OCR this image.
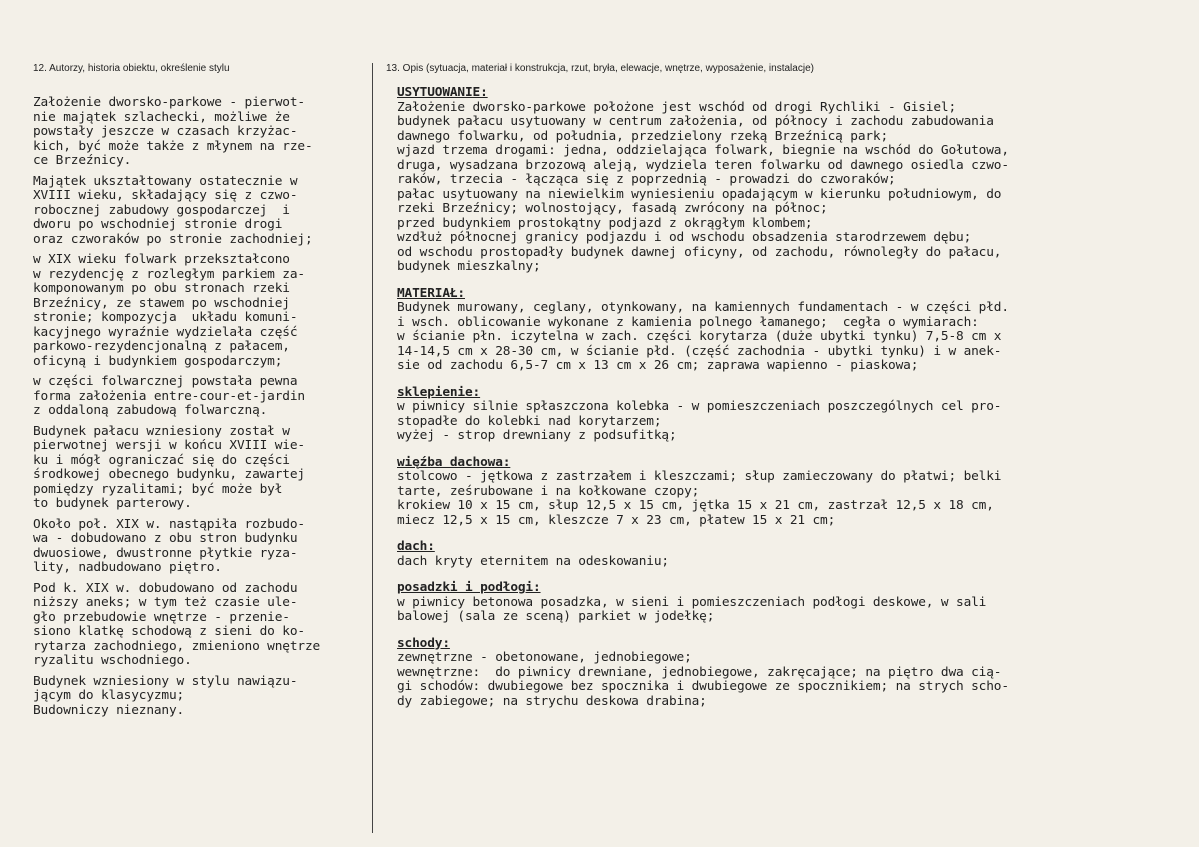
12. Autorzy, historia obiektu, określenie stylu	13. Opis (sytuacja, materiał i konstrukcja, rzut, bryła, elewacje, wnętrze, wyposażenie, instalacje)
Założenie dworsko-parkowe - pierwot-
nie majątek szlachecki, możliwe że
powstały jeszcze w czasach krzyżac-
kich, być może także z młynem na rze-
ce Brzeźnicy.
Majątek ukształtowany ostatecznie w
XVIII wieku, składający się z czwo-
robocznej zabudowy gospodarczej  i
dworu po wschodniej stronie drogi
oraz czworaków po stronie zachodniej;
w XIX wieku folwark przekształcono
w rezydencję z rozległym parkiem za-
komponowanym po obu stronach rzeki
Brzeźnicy, ze stawem po wschodniej
stronie; kompozycja  układu komuni-
kacyjnego wyraźnie wydzielała część
parkowo-rezydencjonalną z pałacem,
oficyną i budynkiem gospodarczym;
w części folwarcznej powstała pewna
forma założenia entre-cour-et-jardin
z oddaloną zabudową folwarczną.
Budynek pałacu wzniesiony został w
pierwotnej wersji w końcu XVIII wie-
ku i mógł ograniczać się do części
środkowej obecnego budynku, zawartej
pomiędzy ryzalitami; być może był
to budynek parterowy.
Około poł. XIX w. nastąpiła rozbudo-
wa - dobudowano z obu stron budynku
dwuosiowe, dwustronne płytkie ryza-
lity, nadbudowano piętro.
Pod k. XIX w. dobudowano od zachodu
niższy aneks; w tym też czasie ule-
gło przebudowie wnętrze - przenie-
siono klatkę schodową z sieni do ko-
rytarza zachodniego, zmieniono wnętrze
ryzalitu wschodniego.
Budynek wzniesiony w stylu nawiązu-
jącym do klasycyzmu;
Budowniczy nieznany.
USYTUOWANIE:
Założenie dworsko-parkowe położone jest wschód od drogi Rychliki - Gisiel;
budynek pałacu usytuowany w centrum założenia, od północy i zachodu zabudowania
dawnego folwarku, od południa, przedzielony rzeką Brzeźnicą park;
wjazd trzema drogami: jedna, oddzielająca folwark, biegnie na wschód do Gołutowa,
druga, wysadzana brzozową aleją, wydziela teren folwarku od dawnego osiedla czwo-
raków, trzecia - łącząca się z poprzednią - prowadzi do czworaków;
pałac usytuowany na niewielkim wyniesieniu opadającym w kierunku południowym, do
rzeki Brzeźnicy; wolnostojący, fasadą zwrócony na północ;
przed budynkiem prostokątny podjazd z okrągłym klombem;
wzdłuż północnej granicy podjazdu i od wschodu obsadzenia starodrzewem dębu;
od wschodu prostopadły budynek dawnej oficyny, od zachodu, równoległy do pałacu,
budynek mieszkalny;
MATERIAŁ:
Budynek murowany, ceglany, otynkowany, na kamiennych fundamentach - w części płd.
i wsch. oblicowanie wykonane z kamienia polnego łamanego;  cegła o wymiarach:
w ścianie płn. iczytelna w zach. części korytarza (duże ubytki tynku) 7,5-8 cm x
14-14,5 cm x 28-30 cm, w ścianie płd. (część zachodnia - ubytki tynku) i w anek-
sie od zachodu 6,5-7 cm x 13 cm x 26 cm; zaprawa wapienno - piaskowa;
sklepienie:
w piwnicy silnie spłaszczona kolebka - w pomieszczeniach poszczególnych cel pro-
stopadłe do kolebki nad korytarzem;
wyżej - strop drewniany z podsufitką;
więźba dachowa:
stolcowo - jętkowa z zastrzałem i kleszczami; słup zamieczowany do płatwi; belki
tarte, ześrubowane i na kołkowane czopy;
krokiew 10 x 15 cm, słup 12,5 x 15 cm, jętka 15 x 21 cm, zastrzał 12,5 x 18 cm,
miecz 12,5 x 15 cm, kleszcze 7 x 23 cm, płatew 15 x 21 cm;
dach:
dach kryty eternitem na odeskowaniu;
posadzki i podłogi:
w piwnicy betonowa posadzka, w sieni i pomieszczeniach podłogi deskowe, w sali
balowej (sala ze sceną) parkiet w jodełkę;
schody:
zewnętrzne - obetonowane, jednobiegowe;
wewnętrzne:  do piwnicy drewniane, jednobiegowe, zakręcające; na piętro dwa cią-
gi schodów: dwubiegowe bez spocznika i dwubiegowe ze spocznikiem; na strych scho-
dy zabiegowe; na strychu deskowa drabina;
